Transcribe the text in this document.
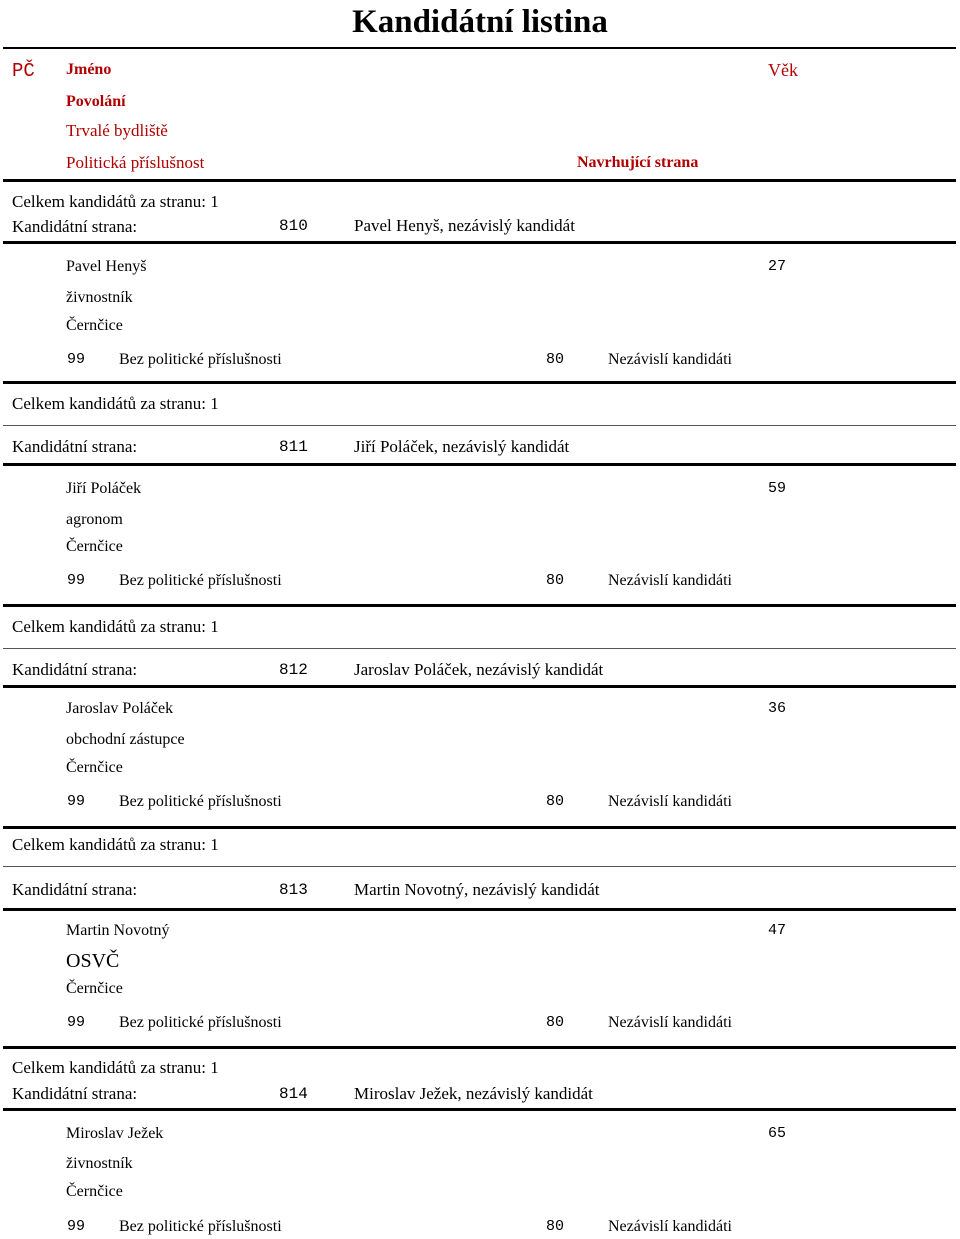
Kandidátní listina
PČ Jméno	Věk
Povolání
Trvalé bydliště
Politická příslušnost	Navrhující strana
Celkem kandidátů za stranu: 1
Kandidátní strana:	810	Pavel Henyš, nezávislý kandidát
Pavel Henyš	27
živnostník
Černčice
99 Bez politické příslušnosti	80	Nezávislí kandidáti
Celkem kandidátů za stranu: 1
Kandidátní strana:	811	Jiří Poláček, nezávislý kandidát
Jiří Poláček	59
agronom
Černčice
99 Bez politické příslušnosti	80	Nezávislí kandidáti
Celkem kandidátů za stranu: 1
Kandidátní strana:	812	Jaroslav Poláček, nezávislý kandidát
Jaroslav Poláček	36
obchodní zástupce
Černčice
99 Bez politické příslušnosti	80	Nezávislí kandidáti
Celkem kandidátů za stranu: 1
Kandidátní strana:	813	Martin Novotný, nezávislý kandidát
Martin Novotný	47
OSVČ
Černčice
99 Bez politické příslušnosti	80	Nezávislí kandidáti
Celkem kandidátů za stranu: 1
Kandidátní strana:	814	Miroslav Ježek, nezávislý kandidát
Miroslav Ježek	65
živnostník
Černčice
99 Bez politické příslušnosti	80	Nezávislí kandidáti
